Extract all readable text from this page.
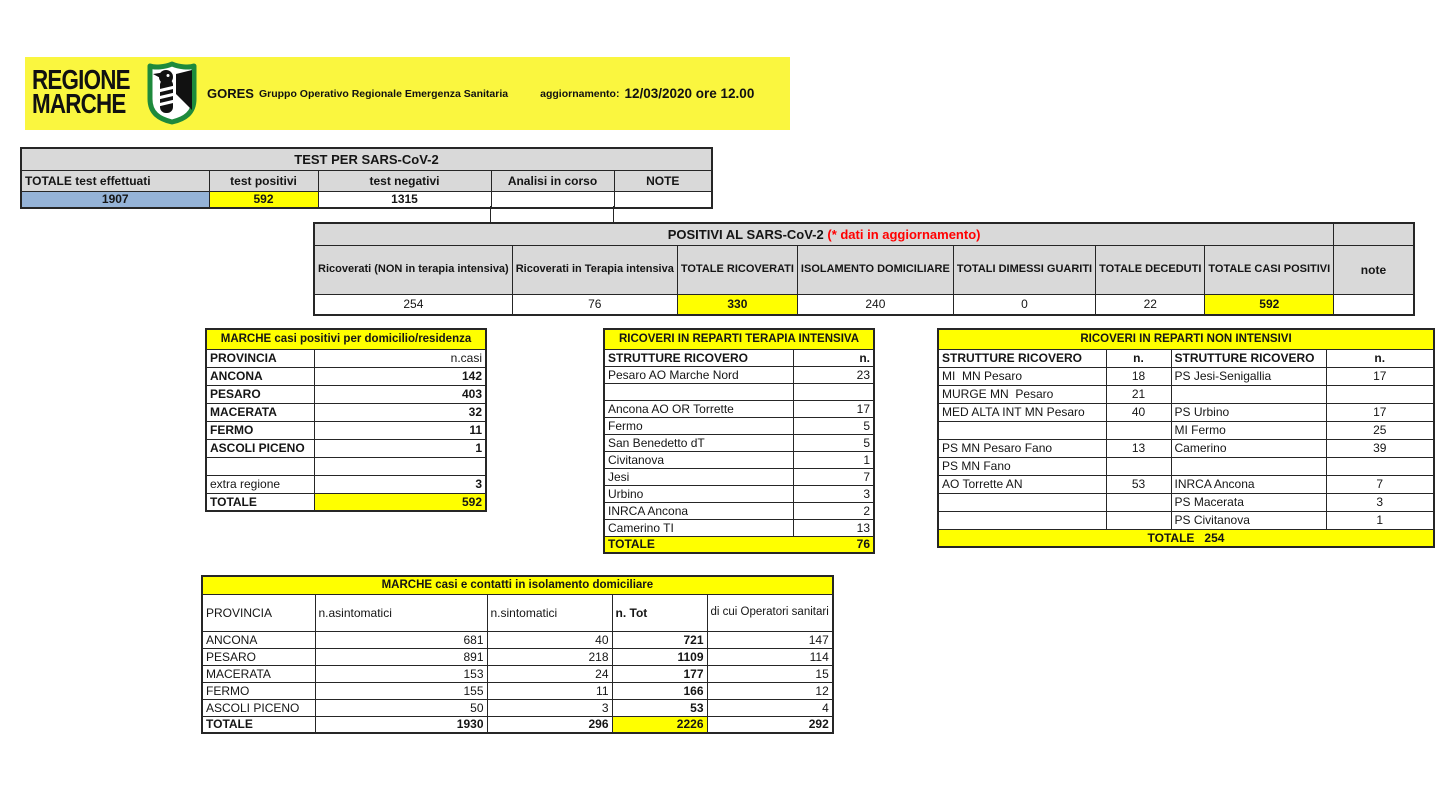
REGIONE
MARCHE	GORES Gruppo Operativo Regionale Emergenza Sanitaria	aggiornamento: 12/03/2020 ore 12.00
TEST PER SARS-CoV-2				
TOTALE test effettuati	test positivi	test negativi	Analisi in corso	NOTE
1907	592	1315		
POSITIVI AL SARS-CoV-2 (* dati in aggiornamento)							
Ricoverati (NON in terapia intensiva)	Ricoverati in Terapia intensiva	TOTALE RICOVERATI	ISOLAMENTO DOMICILIARE	TOTALI DIMESSI GUARITI	TOTALE DECEDUTI	TOTALE CASI POSITIVI	note
254	76	330	240	0	22	592	
MARCHE casi positivi per domicilio/residenza	
PROVINCIA	n.casi
ANCONA	142
PESARO	403
MACERATA	32
FERMO	11
ASCOLI PICENO	1

extra regione	3
TOTALE	592
RICOVERI IN REPARTI TERAPIA INTENSIVA	
STRUTTURE RICOVERO	n.
Pesaro AO Marche Nord	23

Ancona AO OR Torrette	17
Fermo	5
San Benedetto dT	5
Civitanova	1
Jesi	7
Urbino	3
INRCA Ancona	2
Camerino TI	13

TOTALE 76	
RICOVERI IN REPARTI NON INTENSIVI			
STRUTTURE RICOVERO	n.	STRUTTURE RICOVERO	n.
MI  MN Pesaro	18	PS Jesi-Senigallia	17
MURGE MN  Pesaro	21		
MED ALTA INT MN Pesaro	40	PS Urbino	17
		MI Fermo	25
PS MN Pesaro Fano	13	Camerino	39
PS MN Fano			
AO Torrette AN	53	INRCA Ancona	7
		PS Macerata	3
		PS Civitanova	1
TOTALE   254			
MARCHE casi e contatti in isolamento domiciliare				
PROVINCIA	n.asintomatici	n.sintomatici	n. Tot	di cui Operatori sanitari
ANCONA	681	40	721	147
PESARO	891	218	1109	114
MACERATA	153	24	177	15
FERMO	155	11	166	12
ASCOLI PICENO	50	3	53	4
TOTALE	1930	296	2226	292
